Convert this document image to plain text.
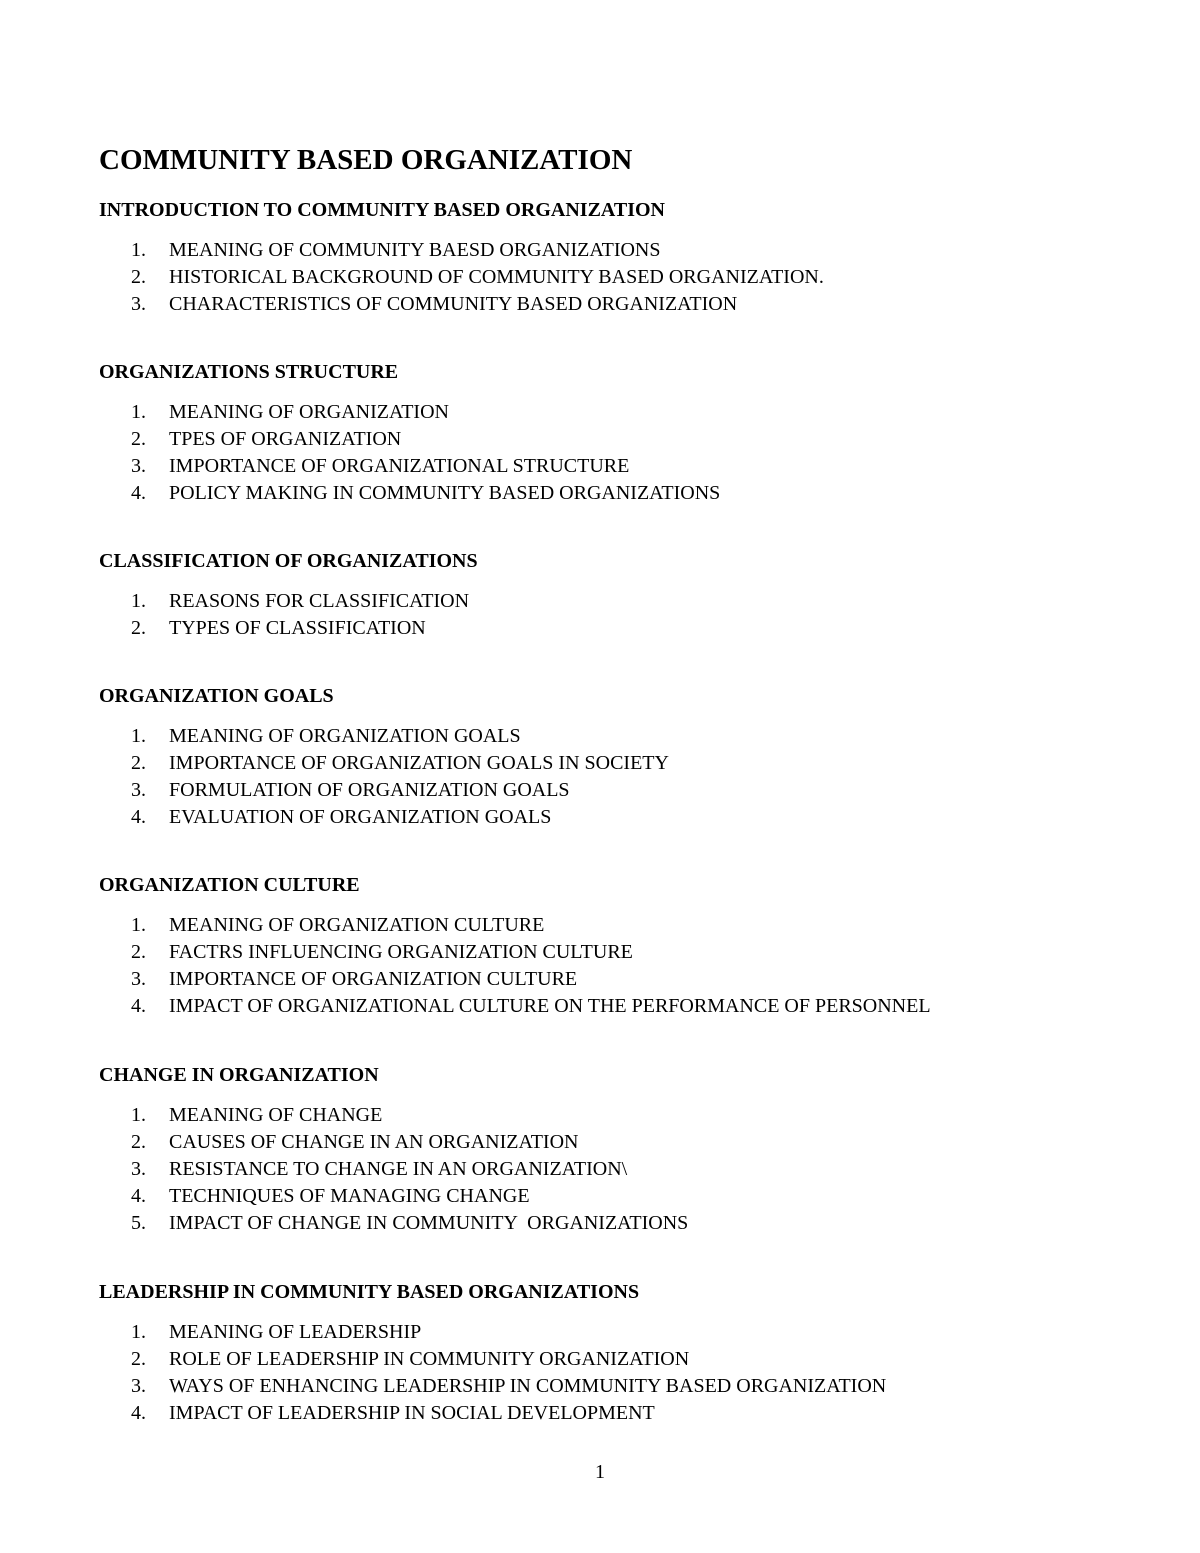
COMMUNITY BASED ORGANIZATION
INTRODUCTION TO COMMUNITY BASED ORGANIZATION
1. MEANING OF COMMUNITY BAESD ORGANIZATIONS
2. HISTORICAL BACKGROUND OF COMMUNITY BASED ORGANIZATION.
3. CHARACTERISTICS OF COMMUNITY BASED ORGANIZATION
ORGANIZATIONS STRUCTURE
1. MEANING OF ORGANIZATION
2. TPES OF ORGANIZATION
3. IMPORTANCE OF ORGANIZATIONAL STRUCTURE
4. POLICY MAKING IN COMMUNITY BASED ORGANIZATIONS
CLASSIFICATION OF ORGANIZATIONS
1. REASONS FOR CLASSIFICATION
2. TYPES OF CLASSIFICATION
ORGANIZATION GOALS
1. MEANING OF ORGANIZATION GOALS
2. IMPORTANCE OF ORGANIZATION GOALS IN SOCIETY
3. FORMULATION OF ORGANIZATION GOALS
4. EVALUATION OF ORGANIZATION GOALS
ORGANIZATION CULTURE
1. MEANING OF ORGANIZATION CULTURE
2. FACTRS INFLUENCING ORGANIZATION CULTURE
3. IMPORTANCE OF ORGANIZATION CULTURE
4. IMPACT OF ORGANIZATIONAL CULTURE ON THE PERFORMANCE OF PERSONNEL
CHANGE IN ORGANIZATION
1. MEANING OF CHANGE
2. CAUSES OF CHANGE IN AN ORGANIZATION
3. RESISTANCE TO CHANGE IN AN ORGANIZATION\
4. TECHNIQUES OF MANAGING CHANGE
5. IMPACT OF CHANGE IN COMMUNITY  ORGANIZATIONS
LEADERSHIP IN COMMUNITY BASED ORGANIZATIONS
1. MEANING OF LEADERSHIP
2. ROLE OF LEADERSHIP IN COMMUNITY ORGANIZATION
3. WAYS OF ENHANCING LEADERSHIP IN COMMUNITY BASED ORGANIZATION
4. IMPACT OF LEADERSHIP IN SOCIAL DEVELOPMENT
1
